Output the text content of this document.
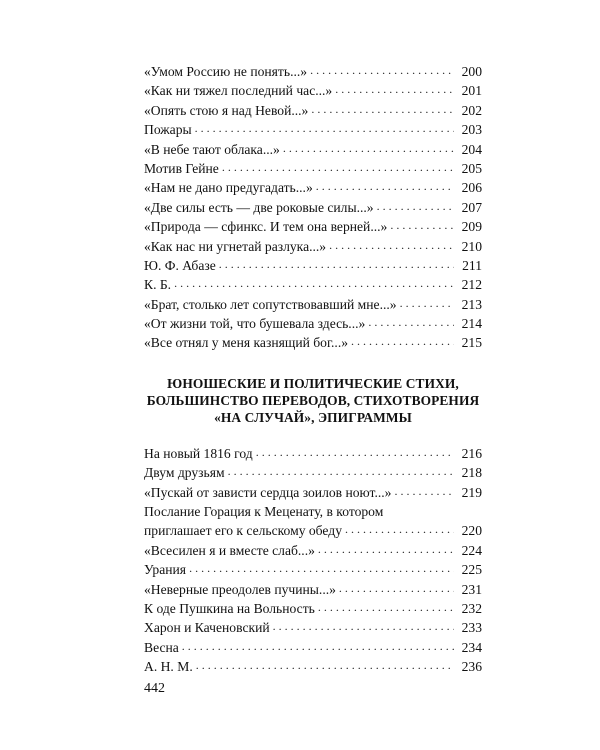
«Умом Россию не понять...» . . .	200
«Как ни тяжел последний час...» . . .	201
«Опять стою я над Невой...» . . .	202
Пожары . . .	203
«В небе тают облака...» . . .	204
Мотив Гейне . . .	205
«Нам не дано предугадать...» . . .	206
«Две силы есть — две роковые силы...» . . .	207
«Природа — сфинкс. И тем она верней...» . . .	209
«Как нас ни угнетай разлука...» . . .	210
Ю. Ф. Абазе . . .	211
К. Б. . . .	212
«Брат, столько лет сопутствовавший мне...» . . .	213
«От жизни той, что бушевала здесь...» . . .	214
«Все отнял у меня казнящий бог...» . . .	215
ЮНОШЕСКИЕ И ПОЛИТИЧЕСКИЕ СТИХИ,
БОЛЬШИНСТВО ПЕРЕВОДОВ, СТИХОТВОРЕНИЯ
«НА СЛУЧАЙ», ЭПИГРАММЫ
На новый 1816 год . . .	216
Двум друзьям . . .	218
«Пускай от зависти сердца зоилов ноют...» . . .	219
Послание Горация к Меценату, в котором
приглашает его к сельскому обеду . . .	220
«Всесилен я и вместе слаб...» . . .	224
Урания . . .	225
«Неверные преодолев пучины...» . . .	231
К оде Пушкина на Вольность . . .	232
Харон и Каченовский . . .	233
Весна . . .	234
А. Н. М. . . .	236
442
